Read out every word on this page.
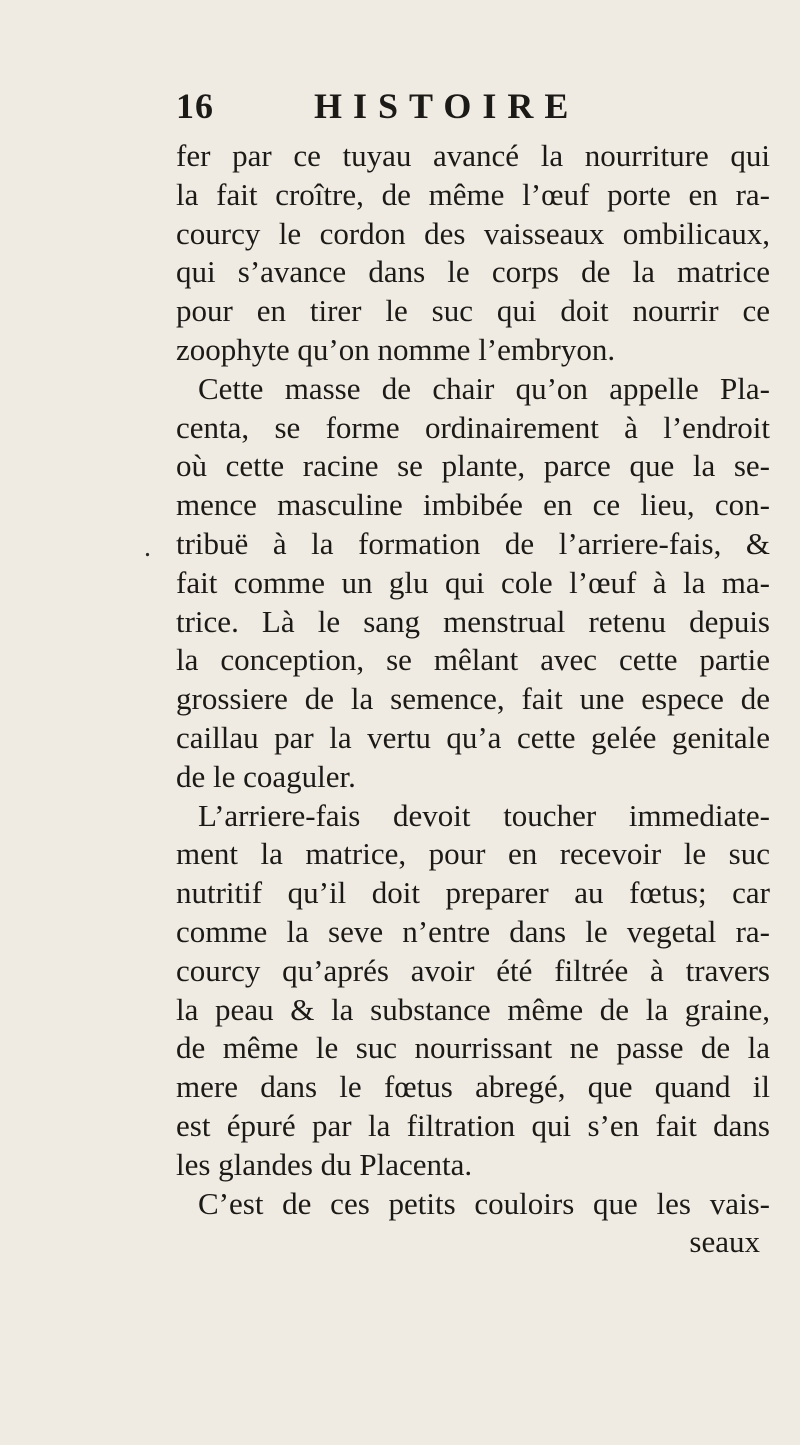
16	HISTOIRE
.
fer par ce tuyau avancé la nourriture qui
la fait croître, de même l’œuf porte en ra-
courcy le cordon des vaisseaux ombilicaux,
qui s’avance dans le corps de la matrice
pour en tirer le suc qui doit nourrir ce
zoophyte qu’on nomme l’embryon.
Cette masse de chair qu’on appelle Pla-
centa, se forme ordinairement à l’endroit
où cette racine se plante, parce que la se-
mence masculine imbibée en ce lieu, con-
tribuë à la formation de l’arriere-fais, &
fait comme un glu qui cole l’œuf à la ma-
trice. Là le sang menstrual retenu depuis
la conception, se mêlant avec cette partie
grossiere de la semence, fait une espece de
caillau par la vertu qu’a cette gelée genitale
de le coaguler.
L’arriere-fais devoit toucher immediate-
ment la matrice, pour en recevoir le suc
nutritif qu’il doit preparer au fœtus; car
comme la seve n’entre dans le vegetal ra-
courcy qu’aprés avoir été filtrée à travers
la peau & la substance même de la graine,
de même le suc nourrissant ne passe de la
mere dans le fœtus abregé, que quand il
est épuré par la filtration qui s’en fait dans
les glandes du Placenta.
C’est de ces petits couloirs que les vais-
seaux
